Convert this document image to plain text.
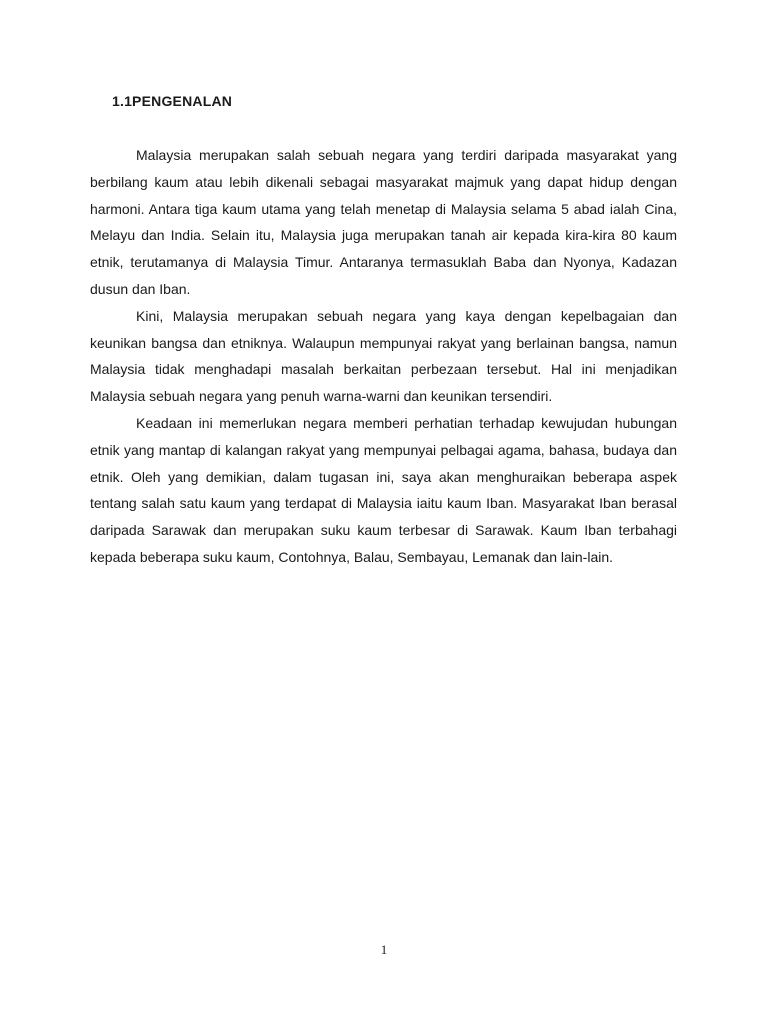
1.1PENGENALAN

Malaysia merupakan salah sebuah negara yang terdiri daripada masyarakat yang berbilang kaum atau lebih dikenali sebagai masyarakat majmuk yang dapat hidup dengan harmoni. Antara tiga kaum utama yang telah menetap di Malaysia selama 5 abad ialah Cina, Melayu dan India. Selain itu, Malaysia juga merupakan tanah air kepada kira-kira 80 kaum etnik, terutamanya di Malaysia Timur. Antaranya termasuklah Baba dan Nyonya, Kadazan dusun dan Iban.

Kini, Malaysia merupakan sebuah negara yang kaya dengan kepelbagaian dan keunikan bangsa dan etniknya. Walaupun mempunyai rakyat yang berlainan bangsa, namun Malaysia tidak menghadapi masalah berkaitan perbezaan tersebut. Hal ini menjadikan Malaysia sebuah negara yang penuh warna-warni dan keunikan tersendiri.

Keadaan ini memerlukan negara memberi perhatian terhadap kewujudan hubungan etnik yang mantap di kalangan rakyat yang mempunyai pelbagai agama, bahasa, budaya dan etnik. Oleh yang demikian, dalam tugasan ini, saya akan menghuraikan beberapa aspek tentang salah satu kaum yang terdapat di Malaysia iaitu kaum Iban. Masyarakat Iban berasal daripada Sarawak dan merupakan suku kaum terbesar di Sarawak. Kaum Iban terbahagi kepada beberapa suku kaum, Contohnya, Balau, Sembayau, Lemanak dan lain-lain.

1
